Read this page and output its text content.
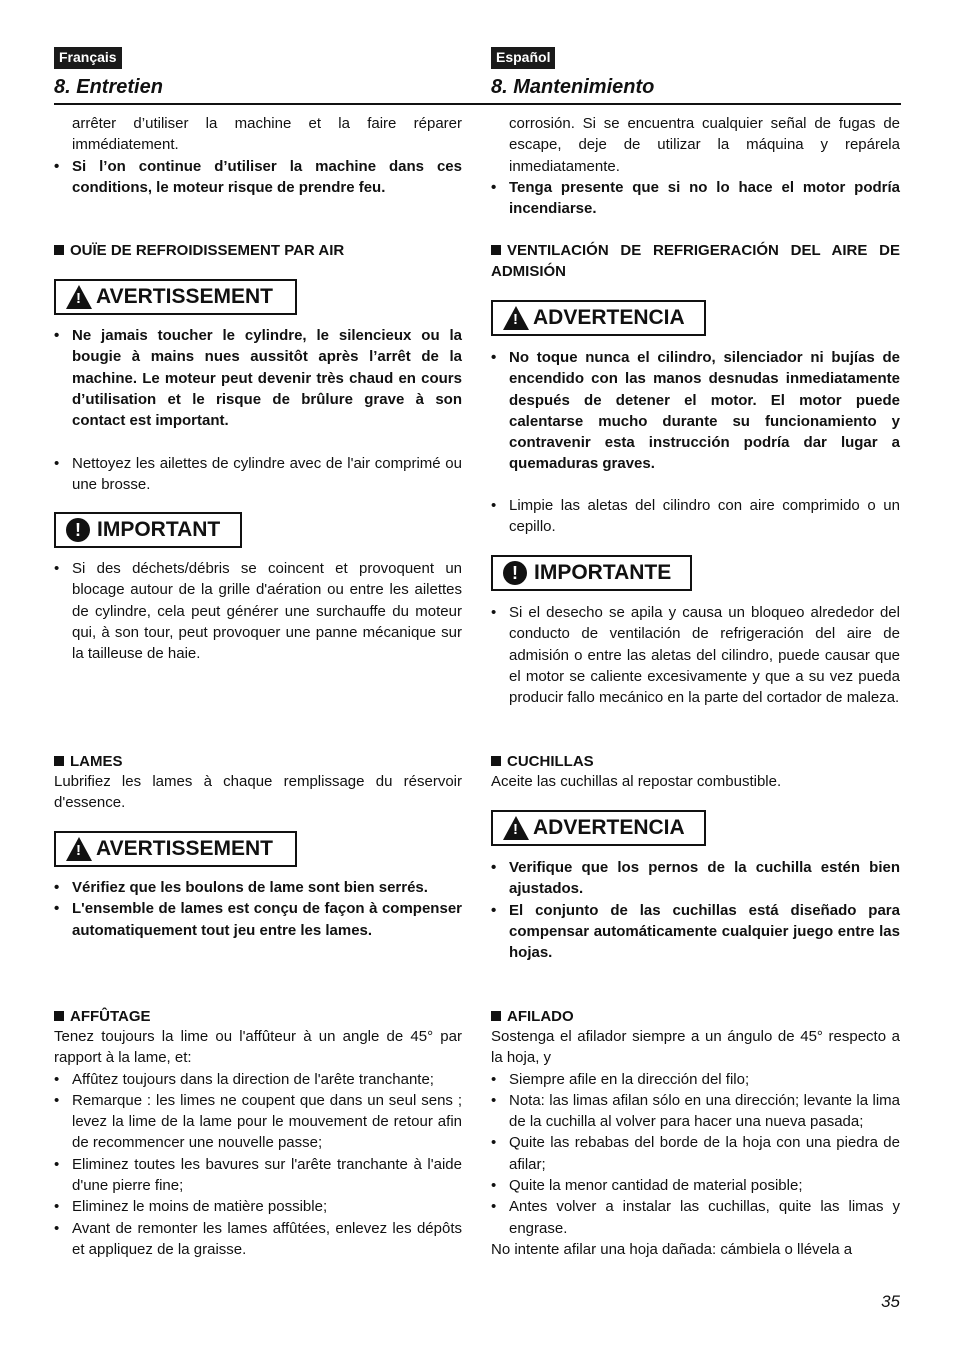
Français
8. Entretien

arrêter d’utiliser la machine et la faire réparer immédiatement.

• Si l’on continue d’utiliser la machine dans ces conditions, le moteur risque de prendre feu.

OUÏE DE REFROIDISSEMENT PAR AIR
!
AVERTISSEMENT

• Ne jamais toucher le cylindre, le silencieux ou la bougie à mains nues aussitôt après l’arrêt de la machine. Le moteur peut devenir très chaud en cours d’utilisation et le risque de brûlure grave à son contact est important.

• Nettoyez les ailettes de cylindre avec de l'air comprimé ou une brosse.

! IMPORTANT

• Si des déchets/débris se coincent et provoquent un blocage autour de la grille d'aération ou entre les ailettes de cylindre, cela peut générer une surchauffe du moteur qui, à son tour, peut provoquer une panne mécanique sur la tailleuse de haie.

LAMES

Lubrifiez les lames à chaque remplissage du réservoir d'essence.

!
AVERTISSEMENT

• Vérifiez que les boulons de lame sont bien serrés.

• L'ensemble de lames est conçu de façon à compenser automatiquement tout jeu entre les lames.

AFFÛTAGE

Tenez toujours la lime ou l'affûteur à un angle de 45° par rapport à la lame, et:

• Affûtez toujours dans la direction de l'arête tranchante;

• Remarque : les limes ne coupent que dans un seul sens ; levez la lime de la lame pour le mouvement de retour afin de recommencer une nouvelle passe;

• Eliminez toutes les bavures sur l'arête tranchante à l'aide d'une pierre fine;

• Eliminez le moins de matière possible;

• Avant de remonter les lames affûtées, enlevez les dépôts et appliquez de la graisse.

Español
8. Mantenimiento

corrosión. Si se encuentra cualquier señal de fugas de escape, deje de utilizar la máquina y repárela inmediatamente.

• Tenga presente que si no lo hace el motor podría incendiarse.

VENTILACIÓN DE REFRIGERACIÓN DEL AIRE DE ADMISIÓN
!
ADVERTENCIA

• No toque nunca el cilindro, silenciador ni bujías de encendido con las manos desnudas inmediatamente después de detener el motor. El motor puede calentarse mucho durante su funcionamiento y contravenir esta instrucción podría dar lugar a quemaduras graves.

• Limpie las aletas del cilindro con aire comprimido o un cepillo.

! IMPORTANTE

• Si el desecho se apila y causa un bloqueo alrededor del conducto de ventilación de refrigeración del aire de admisión o entre las aletas del cilindro, puede causar que el motor se caliente excesivamente y que a su vez pueda producir fallo mecánico en la parte del cortador de maleza.

CUCHILLAS

Aceite las cuchillas al repostar combustible.

!
ADVERTENCIA

• Verifique que los pernos de la cuchilla estén bien ajustados.

• El conjunto de las cuchillas está diseñado para compensar automáticamente cualquier juego entre las hojas.

AFILADO

Sostenga el afilador siempre a un ángulo de 45° respecto a la hoja, y

• Siempre afile en la dirección del filo;

• Nota: las limas afilan sólo en una dirección; levante la lima de la cuchilla al volver para hacer una nueva pasada;

• Quite las rebabas del borde de la hoja con una piedra de afilar;

• Quite la menor cantidad de material posible;

• Antes volver a instalar las cuchillas, quite las limas y engrase.

No intente afilar una hoja dañada: cámbiela o llévela a

35
